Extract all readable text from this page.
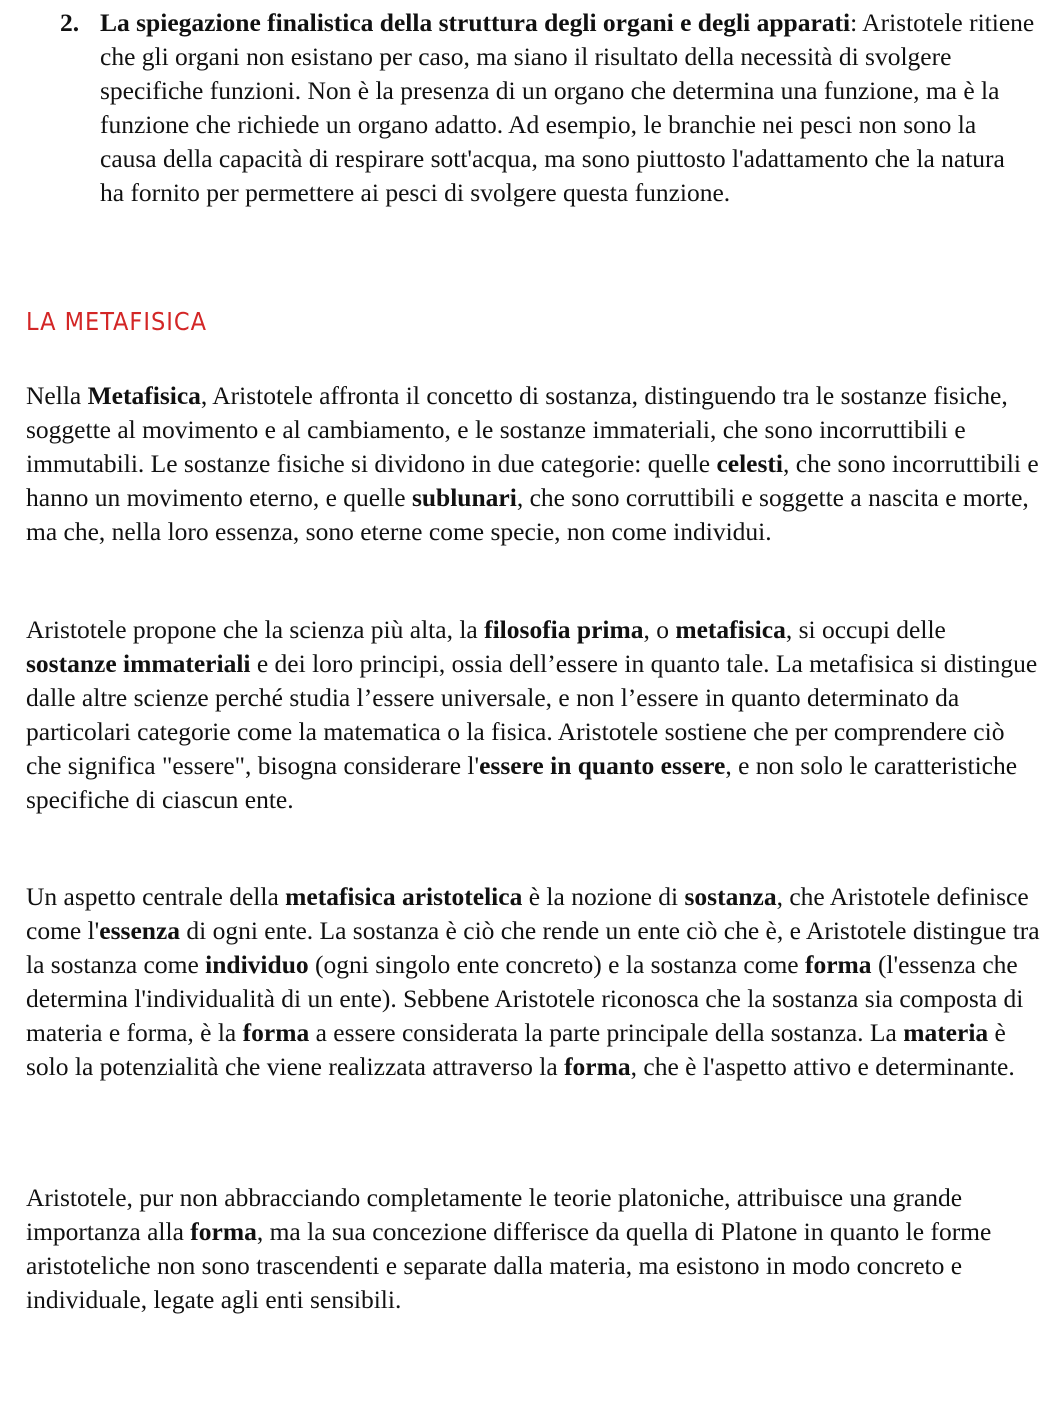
2. La spiegazione finalistica della struttura degli organi e degli apparati: Aristotele ritiene che gli organi non esistano per caso, ma siano il risultato della necessità di svolgere specifiche funzioni. Non è la presenza di un organo che determina una funzione, ma è la funzione che richiede un organo adatto. Ad esempio, le branchie nei pesci non sono la causa della capacità di respirare sott'acqua, ma sono piuttosto l'adattamento che la natura ha fornito per permettere ai pesci di svolgere questa funzione.
LA METAFISICA

Nella Metafisica, Aristotele affronta il concetto di sostanza, distinguendo tra le sostanze fisiche, soggette al movimento e al cambiamento, e le sostanze immateriali, che sono incorruttibili e immutabili. Le sostanze fisiche si dividono in due categorie: quelle celesti, che sono incorruttibili e hanno un movimento eterno, e quelle sublunari, che sono corruttibili e soggette a nascita e morte, ma che, nella loro essenza, sono eterne come specie, non come individui.

Aristotele propone che la scienza più alta, la filosofia prima, o metafisica, si occupi delle sostanze immateriali e dei loro principi, ossia dell’essere in quanto tale. La metafisica si distingue dalle altre scienze perché studia l’essere universale, e non l’essere in quanto determinato da particolari categorie come la matematica o la fisica. Aristotele sostiene che per comprendere ciò che significa "essere", bisogna considerare l'essere in quanto essere, e non solo le caratteristiche specifiche di ciascun ente.

Un aspetto centrale della metafisica aristotelica è la nozione di sostanza, che Aristotele definisce come l'essenza di ogni ente. La sostanza è ciò che rende un ente ciò che è, e Aristotele distingue tra la sostanza come individuo (ogni singolo ente concreto) e la sostanza come forma (l'essenza che determina l'individualità di un ente). Sebbene Aristotele riconosca che la sostanza sia composta di materia e forma, è la forma a essere considerata la parte principale della sostanza. La materia è solo la potenzialità che viene realizzata attraverso la forma, che è l'aspetto attivo e determinante.

Aristotele, pur non abbracciando completamente le teorie platoniche, attribuisce una grande importanza alla forma, ma la sua concezione differisce da quella di Platone in quanto le forme aristoteliche non sono trascendenti e separate dalla materia, ma esistono in modo concreto e individuale, legate agli enti sensibili.
